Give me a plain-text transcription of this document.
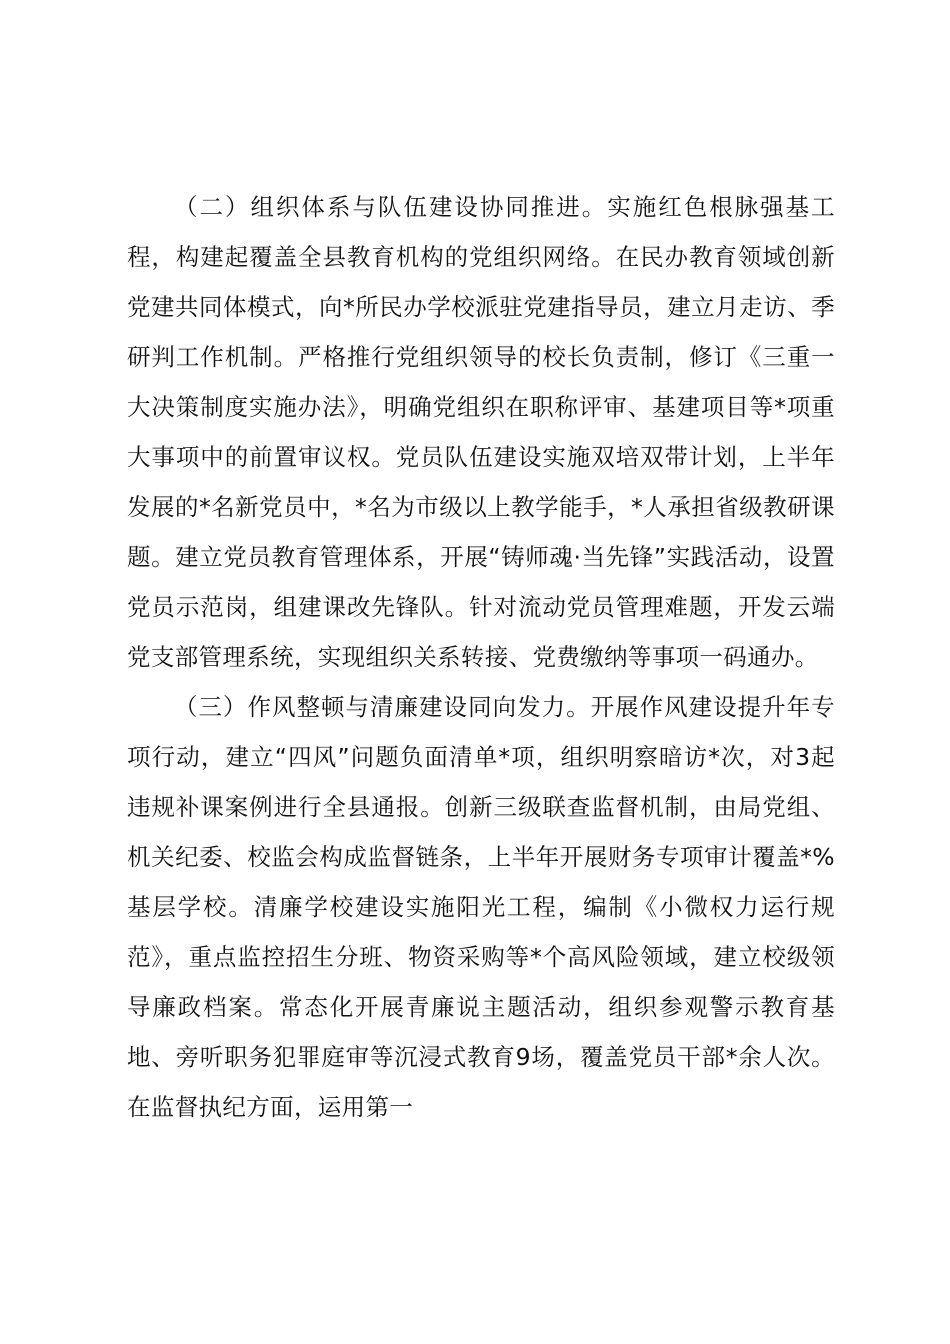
（二）组织体系与队伍建设协同推进。实施红色根脉强基工程，构建起覆盖全县教育机构的党组织网络。在民办教育领域创新党建共同体模式，向*所民办学校派驻党建指导员，建立月走访、季研判工作机制。严格推行党组织领导的校长负责制，修订《三重一大决策制度实施办法》，明确党组织在职称评审、基建项目等*项重大事项中的前置审议权。党员队伍建设实施双培双带计划，上半年发展的*名新党员中，*名为市级以上教学能手，*人承担省级教研课题。建立党员教育管理体系，开展“铸师魂·当先锋”实践活动，设置党员示范岗，组建课改先锋队。针对流动党员管理难题，开发云端党支部管理系统，实现组织关系转接、党费缴纳等事项一码通办。

（三）作风整顿与清廉建设同向发力。开展作风建设提升年专项行动，建立“四风”问题负面清单*项，组织明察暗访*次，对3起违规补课案例进行全县通报。创新三级联查监督机制，由局党组、机关纪委、校监会构成监督链条，上半年开展财务专项审计覆盖*%基层学校。清廉学校建设实施阳光工程，编制《小微权力运行规范》，重点监控招生分班、物资采购等*个高风险领域，建立校级领导廉政档案。常态化开展青廉说主题活动，组织参观警示教育基地、旁听职务犯罪庭审等沉浸式教育9场，覆盖党员干部*余人次。在监督执纪方面，运用第一
